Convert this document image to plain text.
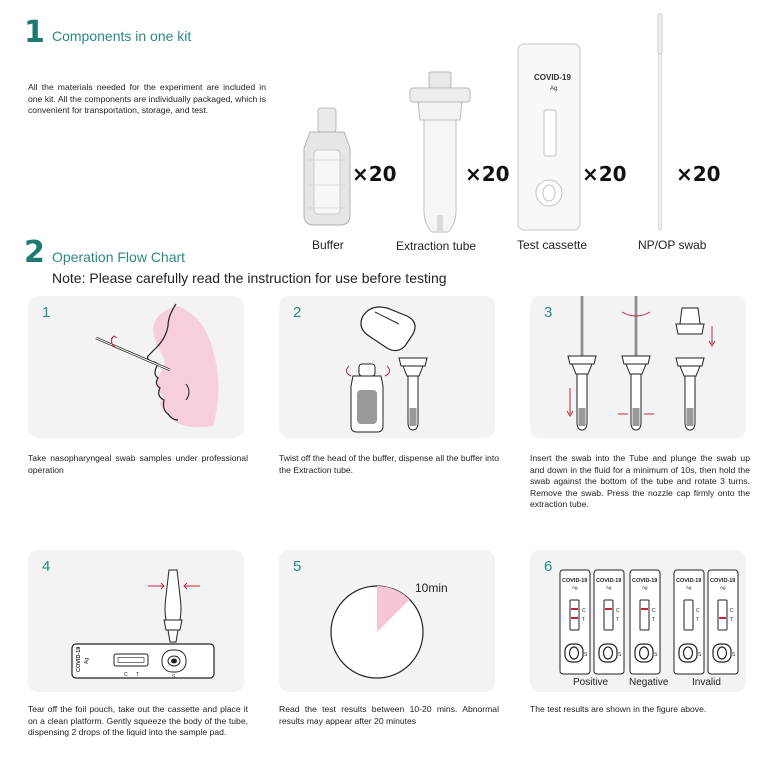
1 Components in one kit
All the materials needed for the experiment are included in one kit. All the components are individually packaged, which is convenient for transportation, storage, and test.
COVID-19
Ag
×20	×20	×20 ×20
Buffer	Extraction tube	Test cassette	NP/OP swab
2 Operation Flow Chart
Note: Please carefully read the instruction for use before testing
1
Take nasopharyngeal swab samples under professional operation
2
Twist off the head of the buffer, dispense all the buffer into the Extraction tube.
3
Insert the swab into the Tube and plunge the swab up and down in the fluid for a minimum of 10s, then hold the swab against the bottom of the tube and rotate 3 turns. Remove the swab. Press the nozzle cap firmly onto the extraction tube.
COVID-19 Ag
C T	S
4
Tear off the foil pouch, take out the cassette and place it on a clean platform. Gently squeeze the body of the tube, dispensing 2 drops of the liquid into the sample pad.
10min
5
Read the test results between 10-20 mins. Abnormal results may appear after 20 minutes
COVID-19
Ag
C
T
S
COVID-19
Ag
C
T
S
COVID-19
Ag
C
T
S
COVID-19
Ag
C
T
S
COVID-19
Ag
C
T
S
6
Positive Negative Invalid
The test results are shown in the figure above.
